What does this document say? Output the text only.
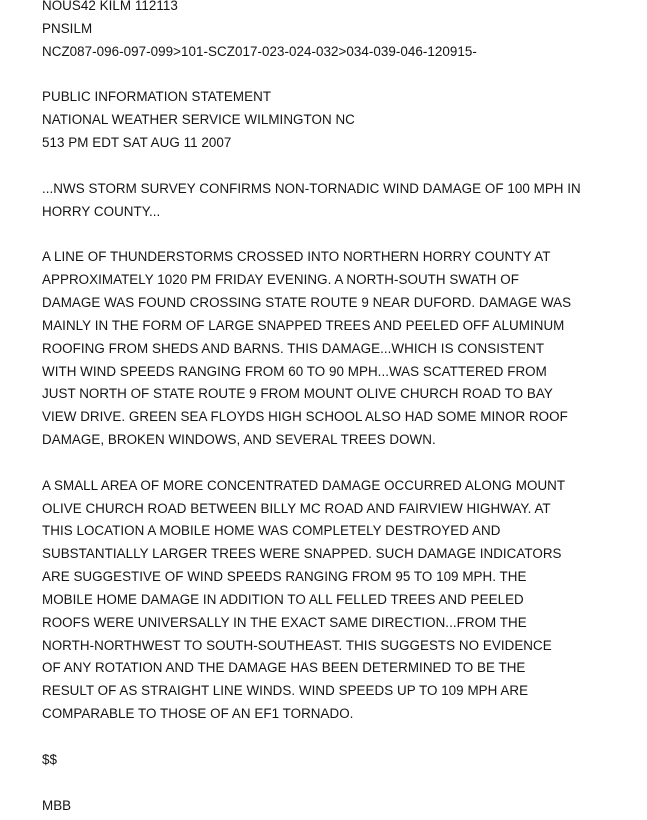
NOUS42 KILM 112113
PNSILM
NCZ087-096-097-099>101-SCZ017-023-024-032>034-039-046-120915-
PUBLIC INFORMATION STATEMENT
NATIONAL WEATHER SERVICE WILMINGTON NC
513 PM EDT SAT AUG 11 2007
...NWS STORM SURVEY CONFIRMS NON-TORNADIC WIND DAMAGE OF 100 MPH IN
HORRY COUNTY...
A LINE OF THUNDERSTORMS CROSSED INTO NORTHERN HORRY COUNTY AT
APPROXIMATELY 1020 PM FRIDAY EVENING. A NORTH-SOUTH SWATH OF
DAMAGE WAS FOUND CROSSING STATE ROUTE 9 NEAR DUFORD. DAMAGE WAS
MAINLY IN THE FORM OF LARGE SNAPPED TREES AND PEELED OFF ALUMINUM
ROOFING FROM SHEDS AND BARNS. THIS DAMAGE...WHICH IS CONSISTENT
WITH WIND SPEEDS RANGING FROM 60 TO 90 MPH...WAS SCATTERED FROM
JUST NORTH OF STATE ROUTE 9 FROM MOUNT OLIVE CHURCH ROAD TO BAY
VIEW DRIVE. GREEN SEA FLOYDS HIGH SCHOOL ALSO HAD SOME MINOR ROOF
DAMAGE, BROKEN WINDOWS, AND SEVERAL TREES DOWN.
A SMALL AREA OF MORE CONCENTRATED DAMAGE OCCURRED ALONG MOUNT
OLIVE CHURCH ROAD BETWEEN BILLY MC ROAD AND FAIRVIEW HIGHWAY. AT
THIS LOCATION A MOBILE HOME WAS COMPLETELY DESTROYED AND
SUBSTANTIALLY LARGER TREES WERE SNAPPED. SUCH DAMAGE INDICATORS
ARE SUGGESTIVE OF WIND SPEEDS RANGING FROM 95 TO 109 MPH. THE
MOBILE HOME DAMAGE IN ADDITION TO ALL FELLED TREES AND PEELED
ROOFS WERE UNIVERSALLY IN THE EXACT SAME DIRECTION...FROM THE
NORTH-NORTHWEST TO SOUTH-SOUTHEAST. THIS SUGGESTS NO EVIDENCE
OF ANY ROTATION AND THE DAMAGE HAS BEEN DETERMINED TO BE THE
RESULT OF AS STRAIGHT LINE WINDS. WIND SPEEDS UP TO 109 MPH ARE
COMPARABLE TO THOSE OF AN EF1 TORNADO.
$$
MBB
